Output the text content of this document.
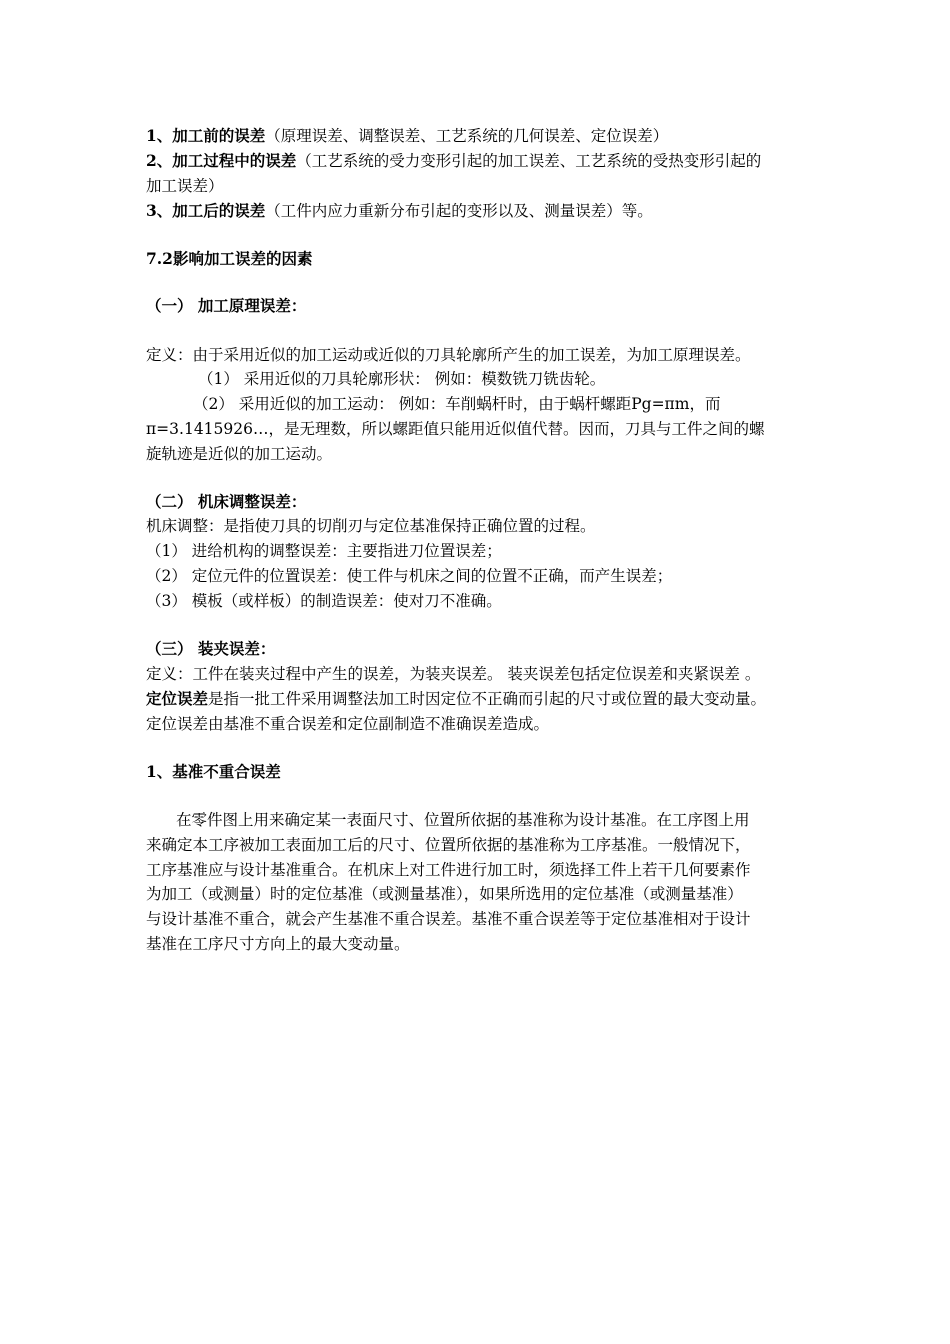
1、加工前的误差（原理误差、调整误差、工艺系统的几何误差、定位误差）
2、加工过程中的误差（工艺系统的受力变形引起的加工误差、工艺系统的受热变形引起的
加工误差）
3、加工后的误差（工件内应力重新分布引起的变形以及、测量误差）等。
7.2影响加工误差的因素
（一） 加工原理误差：
定义：由于采用近似的加工运动或近似的刀具轮廓所产生的加工误差，为加工原理误差。
（1） 采用近似的刀具轮廓形状： 例如：模数铣刀铣齿轮。
（2） 采用近似的加工运动： 例如：车削蜗杆时，由于蜗杆螺距Pg=πm，而
π=3.1415926…，是无理数，所以螺距值只能用近似值代替。因而，刀具与工件之间的螺
旋轨迹是近似的加工运动。
（二） 机床调整误差：
机床调整：是指使刀具的切削刃与定位基准保持正确位置的过程。
（1） 进给机构的调整误差：主要指进刀位置误差；
（2） 定位元件的位置误差：使工件与机床之间的位置不正确，而产生误差；
（3） 模板（或样板）的制造误差：使对刀不准确。
（三） 装夹误差：
定义：工件在装夹过程中产生的误差，为装夹误差。 装夹误差包括定位误差和夹紧误差 。
定位误差是指一批工件采用调整法加工时因定位不正确而引起的尺寸或位置的最大变动量。
定位误差由基准不重合误差和定位副制造不准确误差造成。
1、基准不重合误差
在零件图上用来确定某一表面尺寸、位置所依据的基准称为设计基准。在工序图上用
来确定本工序被加工表面加工后的尺寸、位置所依据的基准称为工序基准。一般情况下，
工序基准应与设计基准重合。在机床上对工件进行加工时，须选择工件上若干几何要素作
为加工（或测量）时的定位基准（或测量基准），如果所选用的定位基准（或测量基准）
与设计基准不重合，就会产生基准不重合误差。基准不重合误差等于定位基准相对于设计
基准在工序尺寸方向上的最大变动量。
